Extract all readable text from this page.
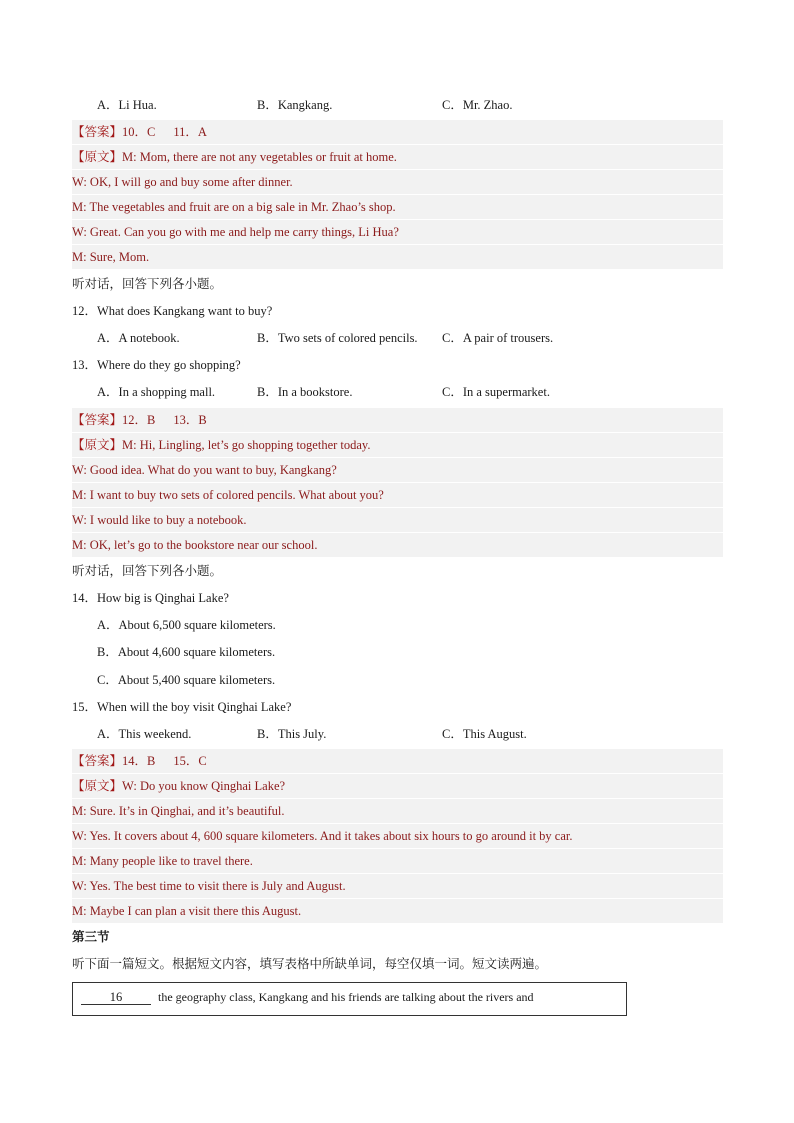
A．Li Hua.	B．Kangkang.	C．Mr. Zhao.
【答案】10．C 11．A
【原文】M: Mom, there are not any vegetables or fruit at home.
W: OK, I will go and buy some after dinner.
M: The vegetables and fruit are on a big sale in Mr. Zhao’s shop.
W: Great. Can you go with me and help me carry things, Li Hua?
M: Sure, Mom.
听对话，回答下列各小题。
12．What does Kangkang want to buy?
A．A notebook.	B．Two sets of colored pencils. C．A pair of trousers.
13．Where do they go shopping?
A．In a shopping mall.	B．In a bookstore.	C．In a supermarket.
【答案】12．B 13．B
【原文】M: Hi, Lingling, let’s go shopping together today.
W: Good idea. What do you want to buy, Kangkang?
M: I want to buy two sets of colored pencils. What about you?
W: I would like to buy a notebook.
M: OK, let’s go to the bookstore near our school.
听对话，回答下列各小题。
14．How big is Qinghai Lake?
A．About 6,500 square kilometers.
B．About 4,600 square kilometers.
C．About 5,400 square kilometers.
15．When will the boy visit Qinghai Lake?
A．This weekend.	B．This July.	C．This August.
【答案】14．B 15．C
【原文】W: Do you know Qinghai Lake?
M: Sure. It’s in Qinghai, and it’s beautiful.
W: Yes. It covers about 4, 600 square kilometers. And it takes about six hours to go around it by car.
M: Many people like to travel there.
W: Yes. The best time to visit there is July and August.
M: Maybe I can plan a visit there this August.
第三节
听下面一篇短文。根据短文内容，填写表格中所缺单词，每空仅填一词。短文读两遍。
16	the geography class, Kangkang and his friends are talking about the rivers and
